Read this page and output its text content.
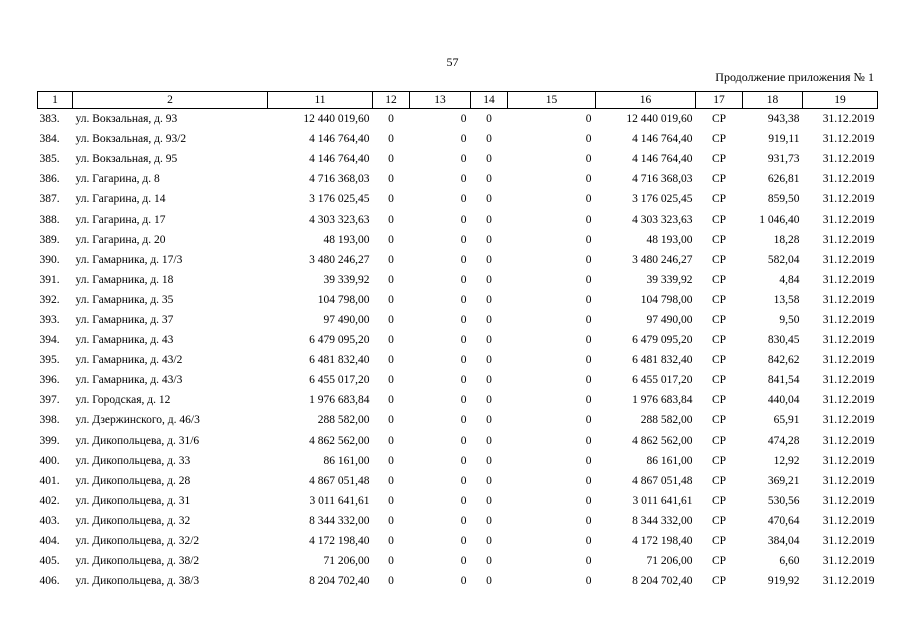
57
Продолжение приложения № 1
1	2	11	12	13	14	15	16	17	18	19
383.	ул. Вокзальная, д. 93	12 440 019,60	0	0	0	0	12 440 019,60	СР	943,38	31.12.2019
384.	ул. Вокзальная, д. 93/2	4 146 764,40	0	0	0	0	4 146 764,40	СР	919,11	31.12.2019
385.	ул. Вокзальная, д. 95	4 146 764,40	0	0	0	0	4 146 764,40	СР	931,73	31.12.2019
386.	ул. Гагарина, д. 8	4 716 368,03	0	0	0	0	4 716 368,03	СР	626,81	31.12.2019
387.	ул. Гагарина, д. 14	3 176 025,45	0	0	0	0	3 176 025,45	СР	859,50	31.12.2019
388.	ул. Гагарина, д. 17	4 303 323,63	0	0	0	0	4 303 323,63	СР	1 046,40	31.12.2019
389.	ул. Гагарина, д. 20	48 193,00	0	0	0	0	48 193,00	СР	18,28	31.12.2019
390.	ул. Гамарника, д. 17/3	3 480 246,27	0	0	0	0	3 480 246,27	СР	582,04	31.12.2019
391.	ул. Гамарника, д. 18	39 339,92	0	0	0	0	39 339,92	СР	4,84	31.12.2019
392.	ул. Гамарника, д. 35	104 798,00	0	0	0	0	104 798,00	СР	13,58	31.12.2019
393.	ул. Гамарника, д. 37	97 490,00	0	0	0	0	97 490,00	СР	9,50	31.12.2019
394.	ул. Гамарника, д. 43	6 479 095,20	0	0	0	0	6 479 095,20	СР	830,45	31.12.2019
395.	ул. Гамарника, д. 43/2	6 481 832,40	0	0	0	0	6 481 832,40	СР	842,62	31.12.2019
396.	ул. Гамарника, д. 43/3	6 455 017,20	0	0	0	0	6 455 017,20	СР	841,54	31.12.2019
397.	ул. Городская, д. 12	1 976 683,84	0	0	0	0	1 976 683,84	СР	440,04	31.12.2019
398.	ул. Дзержинского, д. 46/3	288 582,00	0	0	0	0	288 582,00	СР	65,91	31.12.2019
399.	ул. Дикопольцева, д. 31/6	4 862 562,00	0	0	0	0	4 862 562,00	СР	474,28	31.12.2019
400.	ул. Дикопольцева, д. 33	86 161,00	0	0	0	0	86 161,00	СР	12,92	31.12.2019
401.	ул. Дикопольцева, д. 28	4 867 051,48	0	0	0	0	4 867 051,48	СР	369,21	31.12.2019
402.	ул. Дикопольцева, д. 31	3 011 641,61	0	0	0	0	3 011 641,61	СР	530,56	31.12.2019
403.	ул. Дикопольцева, д. 32	8 344 332,00	0	0	0	0	8 344 332,00	СР	470,64	31.12.2019
404.	ул. Дикопольцева, д. 32/2	4 172 198,40	0	0	0	0	4 172 198,40	СР	384,04	31.12.2019
405.	ул. Дикопольцева, д. 38/2	71 206,00	0	0	0	0	71 206,00	СР	6,60	31.12.2019
406.	ул. Дикопольцева, д. 38/3	8 204 702,40	0	0	0	0	8 204 702,40	СР	919,92	31.12.2019
